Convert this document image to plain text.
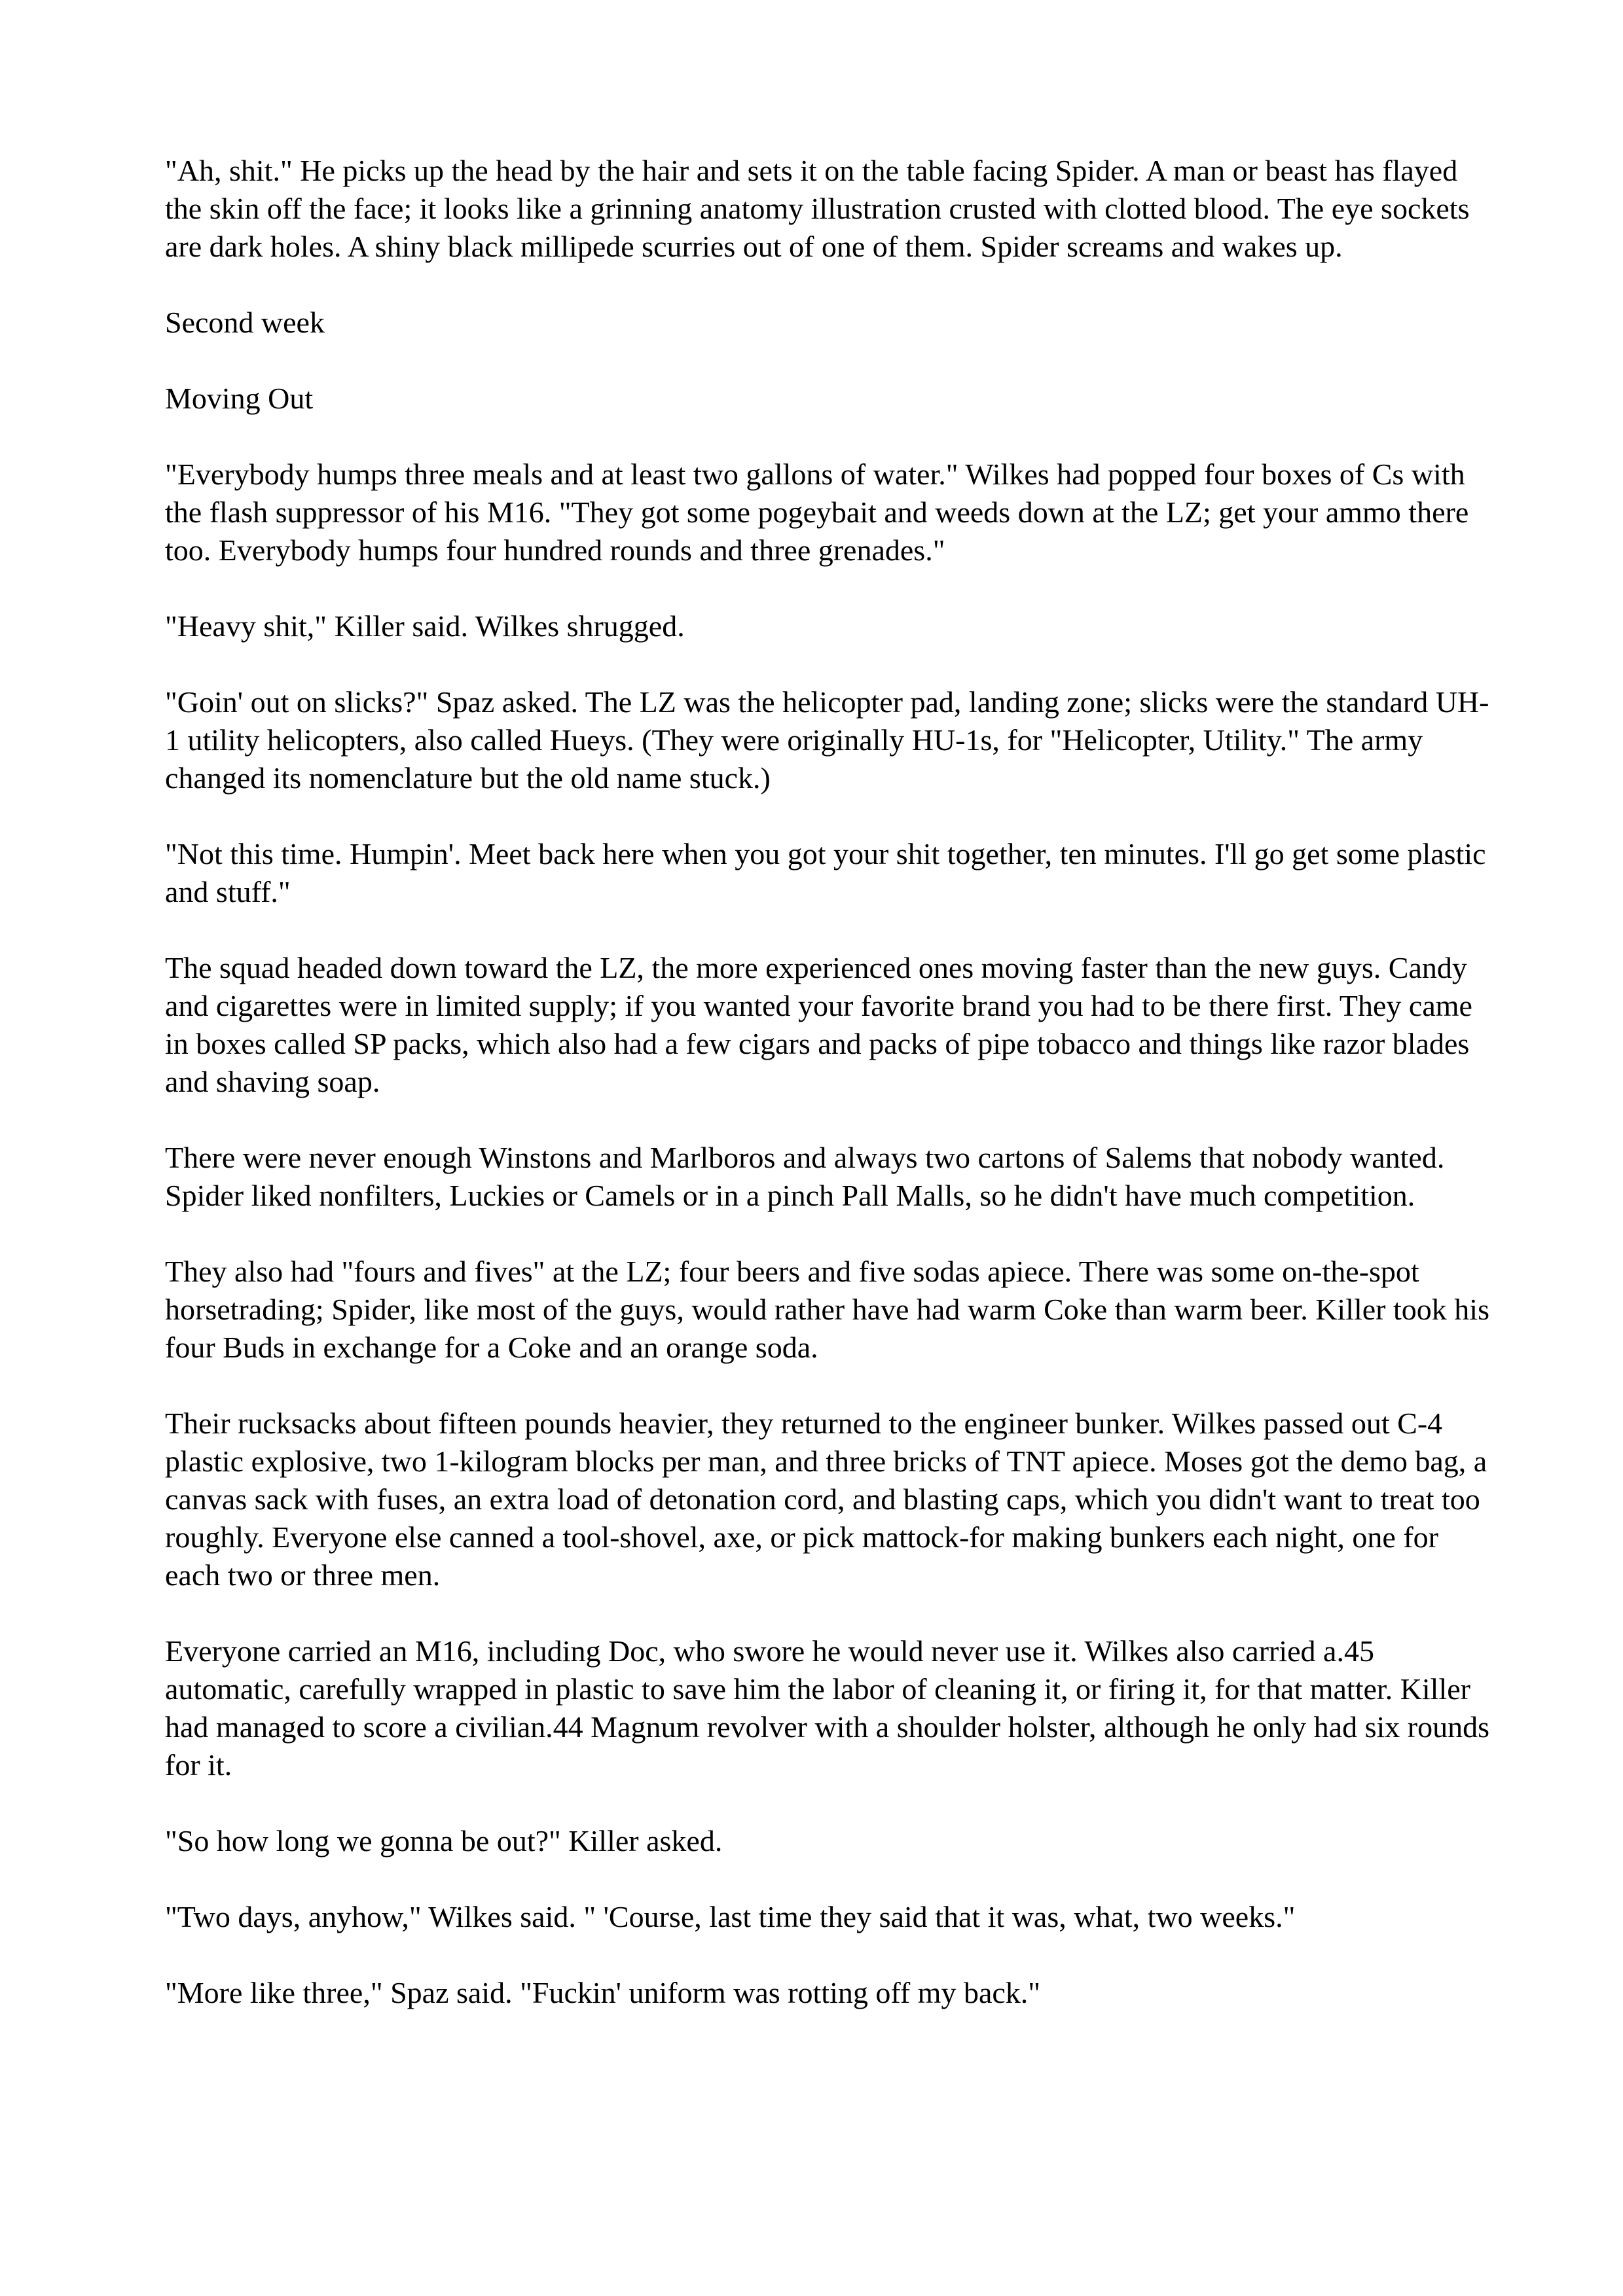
"Ah, shit." He picks up the head by the hair and sets it on the table facing Spider. A man or beast has flayed the skin off the face; it looks like a grinning anatomy illustration crusted with clotted blood. The eye sockets are dark holes. A shiny black millipede scurries out of one of them. Spider screams and wakes up.

Second week

Moving Out

"Everybody humps three meals and at least two gallons of water." Wilkes had popped four boxes of Cs with the flash suppressor of his M16. "They got some pogeybait and weeds down at the LZ; get your ammo there too. Everybody humps four hundred rounds and three grenades."

"Heavy shit," Killer said. Wilkes shrugged.

"Goin' out on slicks?" Spaz asked. The LZ was the helicopter pad, landing zone; slicks were the standard UH-1 utility helicopters, also called Hueys. (They were originally HU-1s, for "Helicopter, Utility." The army changed its nomenclature but the old name stuck.)

"Not this time. Humpin'. Meet back here when you got your shit together, ten minutes. I'll go get some plastic and stuff."

The squad headed down toward the LZ, the more experienced ones moving faster than the new guys. Candy and cigarettes were in limited supply; if you wanted your favorite brand you had to be there first. They came in boxes called SP packs, which also had a few cigars and packs of pipe tobacco and things like razor blades and shaving soap.

There were never enough Winstons and Marlboros and always two cartons of Salems that nobody wanted. Spider liked nonfilters, Luckies or Camels or in a pinch Pall Malls, so he didn't have much competition.

They also had "fours and fives" at the LZ; four beers and five sodas apiece. There was some on-the-spot horsetrading; Spider, like most of the guys, would rather have had warm Coke than warm beer. Killer took his four Buds in exchange for a Coke and an orange soda.

Their rucksacks about fifteen pounds heavier, they returned to the engineer bunker. Wilkes passed out C-4 plastic explosive, two 1-kilogram blocks per man, and three bricks of TNT apiece. Moses got the demo bag, a canvas sack with fuses, an extra load of detonation cord, and blasting caps, which you didn't want to treat too roughly. Everyone else canned a tool-shovel, axe, or pick mattock-for making bunkers each night, one for each two or three men.

Everyone carried an M16, including Doc, who swore he would never use it. Wilkes also carried a.45 automatic, carefully wrapped in plastic to save him the labor of cleaning it, or firing it, for that matter. Killer had managed to score a civilian.44 Magnum revolver with a shoulder holster, although he only had six rounds for it.

"So how long we gonna be out?" Killer asked.

"Two days, anyhow," Wilkes said. " 'Course, last time they said that it was, what, two weeks."

"More like three," Spaz said. "Fuckin' uniform was rotting off my back."
